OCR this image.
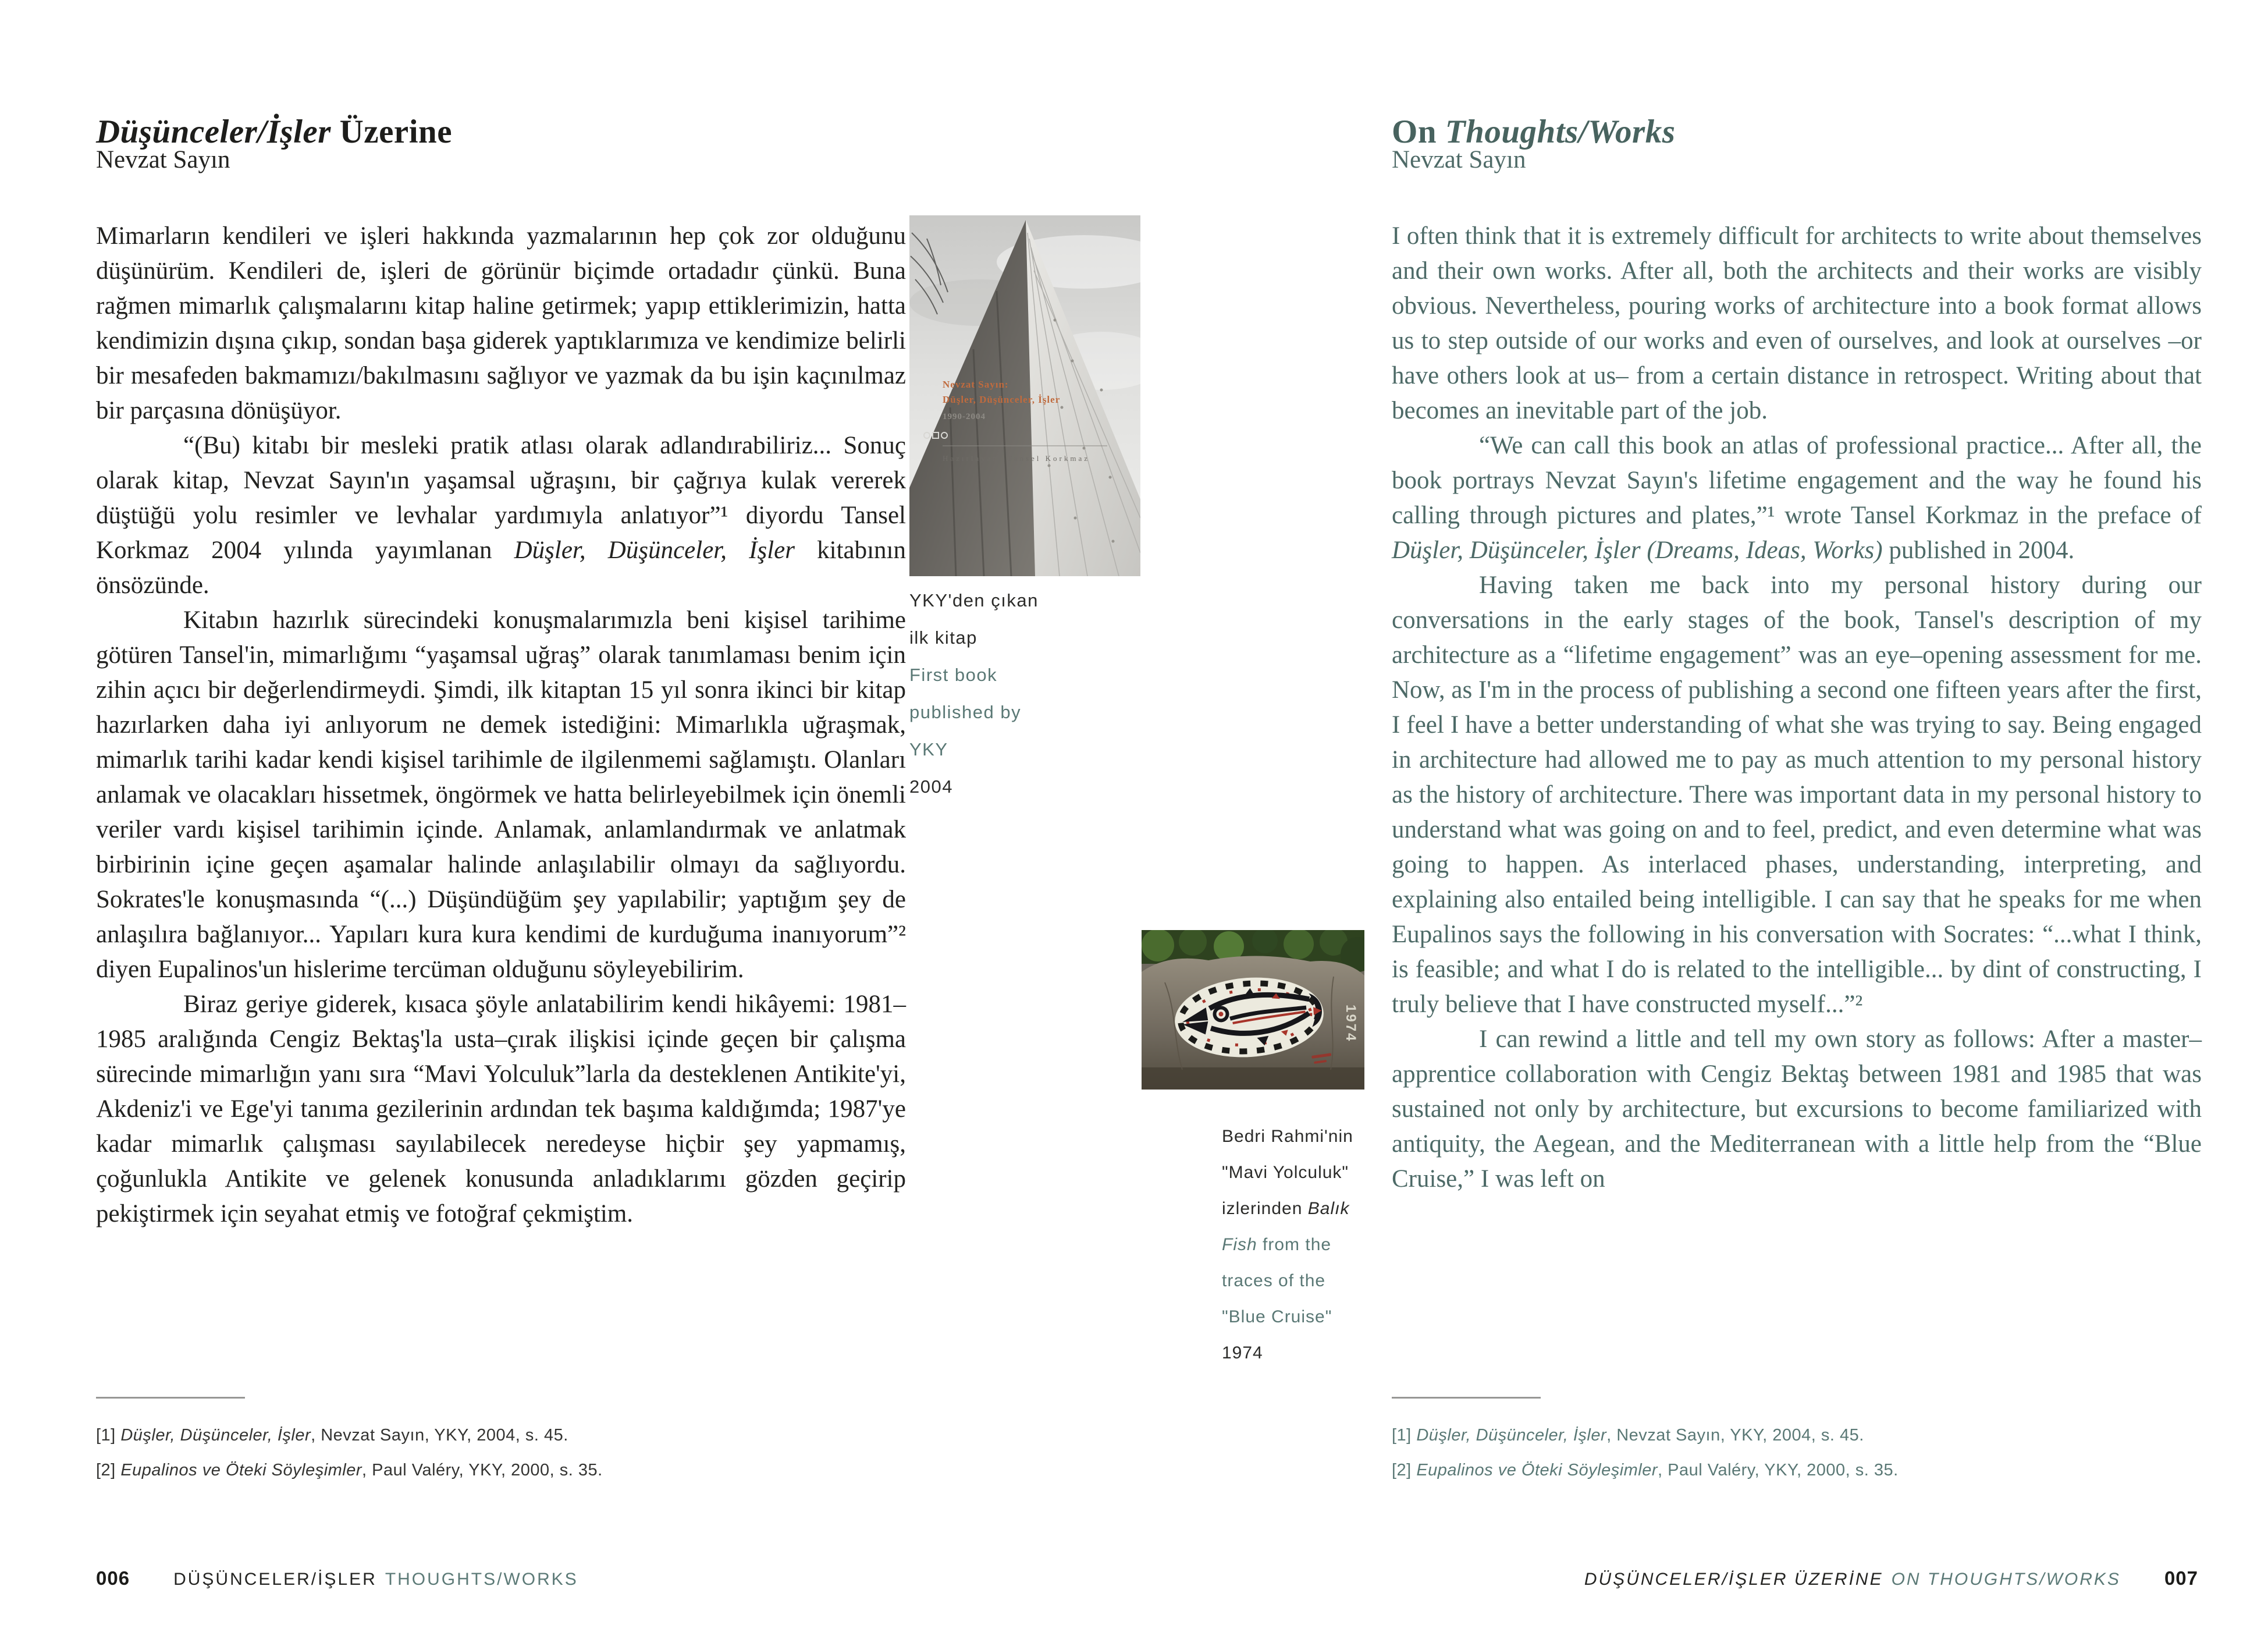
Düşünceler/İşler Üzerine
Nevzat Sayın

Mimarların kendileri ve işleri hakkında yazmalarının hep çok zor olduğunu düşünürüm. Kendileri de, işleri de görünür biçimde ortadadır çünkü. Buna rağmen mimarlık çalışmalarını kitap haline getirmek; yapıp ettiklerimizin, hatta kendimizin dışına çıkıp, sondan başa giderek yaptıklarımıza ve kendimize belirli bir mesafeden bakmamızı/bakılmasını sağlıyor ve yazmak da bu işin kaçınılmaz bir parçasına dönüşüyor.

“(Bu) kitabı bir mesleki pratik atlası olarak adlandırabiliriz... Sonuç olarak kitap, Nevzat Sayın'ın yaşamsal uğraşını, bir çağrıya kulak vererek düştüğü yolu resimler ve levhalar yardımıyla anlatıyor”¹ diyordu Tansel Korkmaz 2004 yılında yayımlanan Düşler, Düşünceler, İşler kitabının önsözünde.

Kitabın hazırlık sürecindeki konuşmalarımızla beni kişisel tarihime götüren Tansel'in, mimarlığımı “yaşamsal uğraş” olarak tanımlaması benim için zihin açıcı bir değerlendirmeydi. Şimdi, ilk kitaptan 15 yıl sonra ikinci bir kitap hazırlarken daha iyi anlıyorum ne demek istediğini: Mimarlıkla uğraşmak, mimarlık tarihi kadar kendi kişisel tarihimle de ilgilenmemi sağlamıştı. Olanları anlamak ve olacakları hissetmek, öngörmek ve hatta belirleyebilmek için önemli veriler vardı kişisel tarihimin içinde. Anlamak, anlamlandırmak ve anlatmak birbirinin içine geçen aşamalar halinde anlaşılabilir olmayı da sağlıyordu. Sokrates'le konuşmasında “(...) Düşündüğüm şey yapılabilir; yaptığım şey de anlaşılıra bağlanıyor... Yapıları kura kura kendimi de kurduğuma inanıyorum”² diyen Eupalinos'un hislerime tercüman olduğunu söyleyebilirim.

Biraz geriye giderek, kısaca şöyle anlatabilirim kendi hikâyemi: 1981–1985 aralığında Cengiz Bektaş'la usta–çırak ilişkisi içinde geçen bir çalışma sürecinde mimarlığın yanı sıra “Mavi Yolculuk”larla da desteklenen Antikite'yi, Akdeniz'i ve Ege'yi tanıma gezilerinin ardından tek başıma kaldığımda; 1987'ye kadar mimarlık çalışması sayılabilecek neredeyse hiçbir şey yapmamış, çoğunlukla Antikite ve gelenek konusunda anladıklarımı gözden geçirip pekiştirmek için seyahat etmiş ve fotoğraf çekmiştim.

Nevzat Sayın:
Düşler, Düşünceler, İşler
1990-2004
Hazırlayan: Tansel Korkmaz
YKY'den çıkan
ilk kitap
First book
published by
YKY
2004
1974
Bedri Rahmi'nin
"Mavi Yolculuk"
izlerinden Balık
Fish from the
traces of the
"Blue Cruise"
1974
[1] Düşler, Düşünceler, İşler, Nevzat Sayın, YKY, 2004, s. 45.
[2] Eupalinos ve Öteki Söyleşimler, Paul Valéry, YKY, 2000, s. 35.
006	DÜŞÜNCELER/İŞLER THOUGHTS/WORKS
On Thoughts/Works
Nevzat Sayın

I often think that it is extremely difficult for architects to write about themselves and their own works. After all, both the architects and their works are visibly obvious. Nevertheless, pouring works of architecture into a book format allows us to step outside of our works and even of ourselves, and look at ourselves –or have others look at us– from a certain distance in retrospect. Writing about that becomes an inevitable part of the job.

“We can call this book an atlas of professional practice... After all, the book portrays Nevzat Sayın's lifetime engagement and the way he found his calling through pictures and plates,”¹ wrote Tansel Korkmaz in the preface of Düşler, Düşünceler, İşler (Dreams, Ideas, Works) published in 2004.

Having taken me back into my personal history during our conversations in the early stages of the book, Tansel's description of my architecture as a “lifetime engagement” was an eye–opening assessment for me. Now, as I'm in the process of publishing a second one fifteen years after the first, I feel I have a better understanding of what she was trying to say. Being engaged in architecture had allowed me to pay as much attention to my personal history as the history of architecture. There was important data in my personal history to understand what was going on and to feel, predict, and even determine what was going to happen. As interlaced phases, understanding, interpreting, and explaining also entailed being intelligible. I can say that he speaks for me when Eupalinos says the following in his conversation with Socrates: “...what I think, is feasible; and what I do is related to the intelligible... by dint of constructing, I truly believe that I have constructed myself...”²

I can rewind a little and tell my own story as follows: After a master–apprentice collaboration with Cengiz Bektaş between 1981 and 1985 that was sustained not only by architecture, but excursions to become familiarized with antiquity, the Aegean, and the Mediterranean with a little help from the “Blue Cruise,” I was left on

[1] Düşler, Düşünceler, İşler, Nevzat Sayın, YKY, 2004, s. 45.
[2] Eupalinos ve Öteki Söyleşimler, Paul Valéry, YKY, 2000, s. 35.
DÜŞÜNCELER/İŞLER ÜZERİNE ON THOUGHTS/WORKS 007
